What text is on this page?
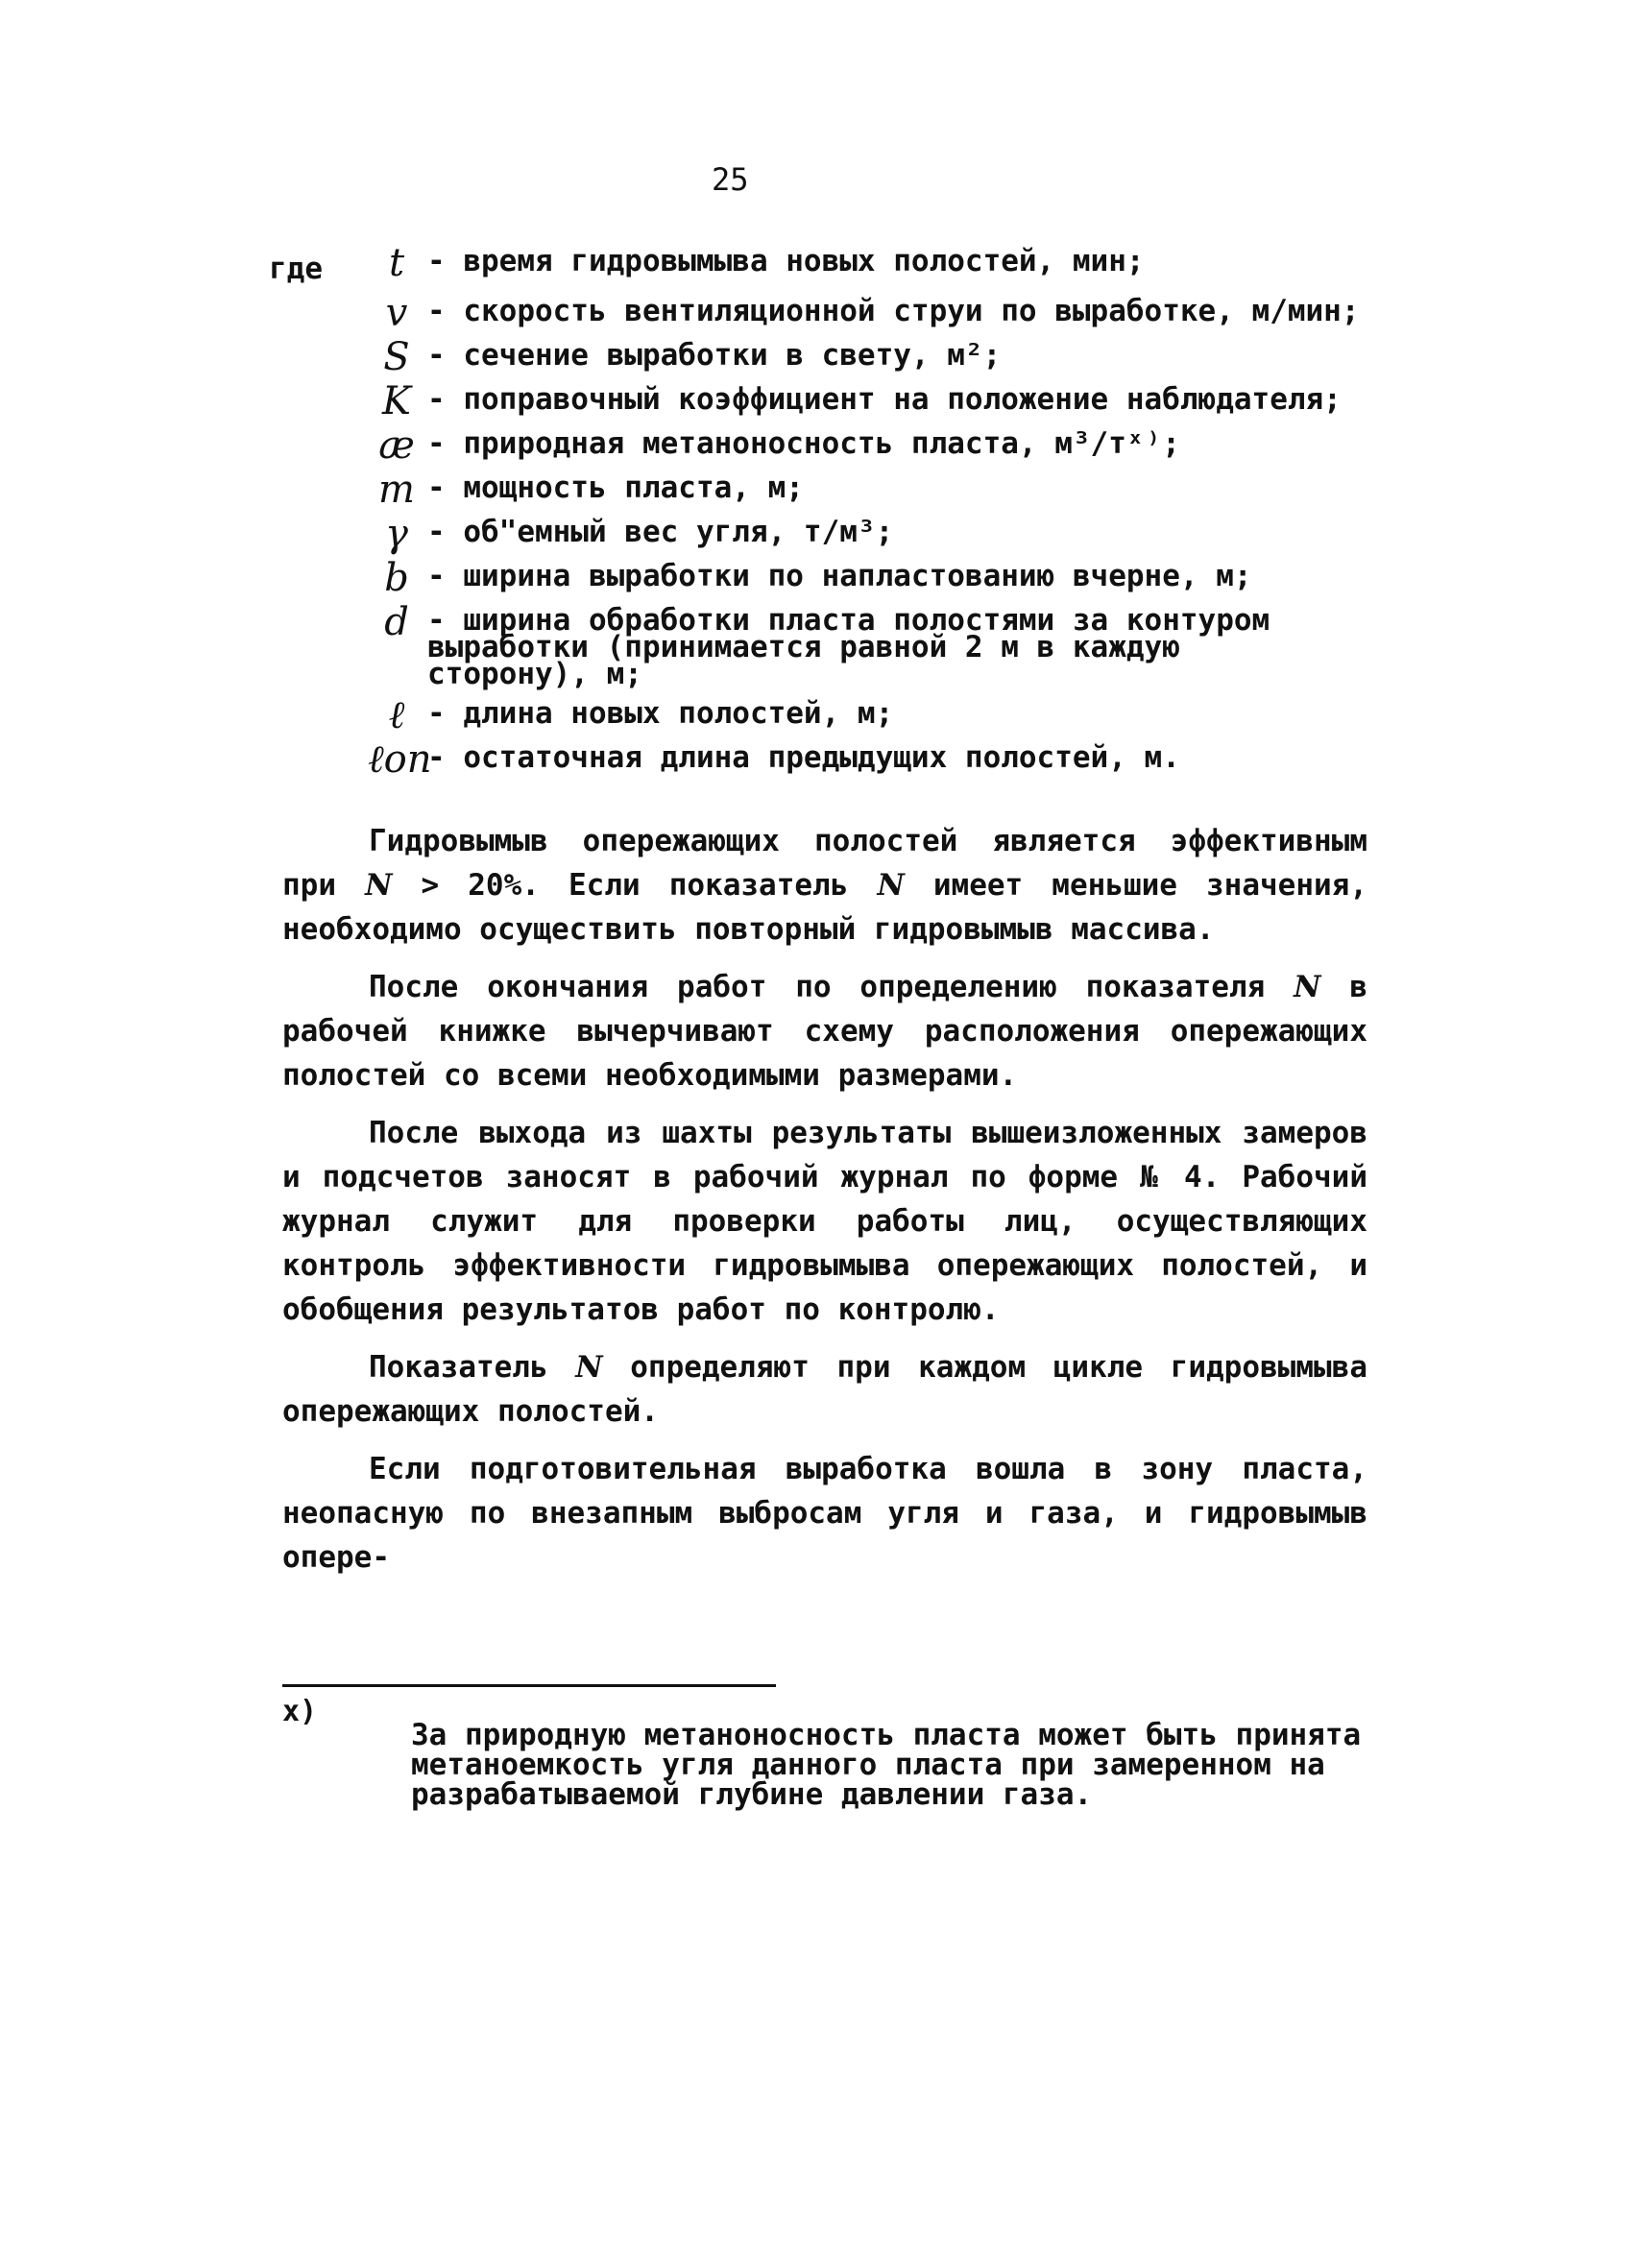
25
где	t - время гидровымыва новых полостей, мин;
v - скорость вентиляционной струи по выработке, м/мин;
S - сечение выработки в свету, м²;
K - поправочный коэффициент на положение наблюдателя;
æ - природная метаноносность пласта, м³/тˣ⁾;
m - мощность пласта, м;
γ - об"емный вес угля, т/м³;
b - ширина выработки по напластованию вчерне, м;
d - ширина обработки пласта полостями за контуром
выработки (принимается равной 2 м в каждую
сторону), м;
ℓ - длина новых полостей, м;
ℓоп
- остаточная длина предыдущих полостей, м.

Гидровымыв опережающих полостей является эффективным при N > 20%. Если показатель N имеет меньшие значения, необходимо осуществить повторный гидровымыв массива.

После окончания работ по определению показателя N в рабочей книжке вычерчивают схему расположения опережающих полостей со всеми необходимыми размерами.

После выхода из шахты результаты вышеизложенных замеров и подсчетов заносят в рабочий журнал по форме № 4. Рабочий журнал служит для проверки работы лиц, осуществляющих контроль эффективности гидровымыва опережающих полостей, и обобщения результатов работ по контролю.

Показатель N определяют при каждом цикле гидровымыва опережающих полостей.

Если подготовительная выработка вошла в зону пласта, неопасную по внезапным выбросам угля и газа, и гидровымыв опере-

x)
За природную метаноносность пласта может быть принята
метаноемкость угля данного пласта при замеренном на
разрабатываемой глубине давлении газа.
